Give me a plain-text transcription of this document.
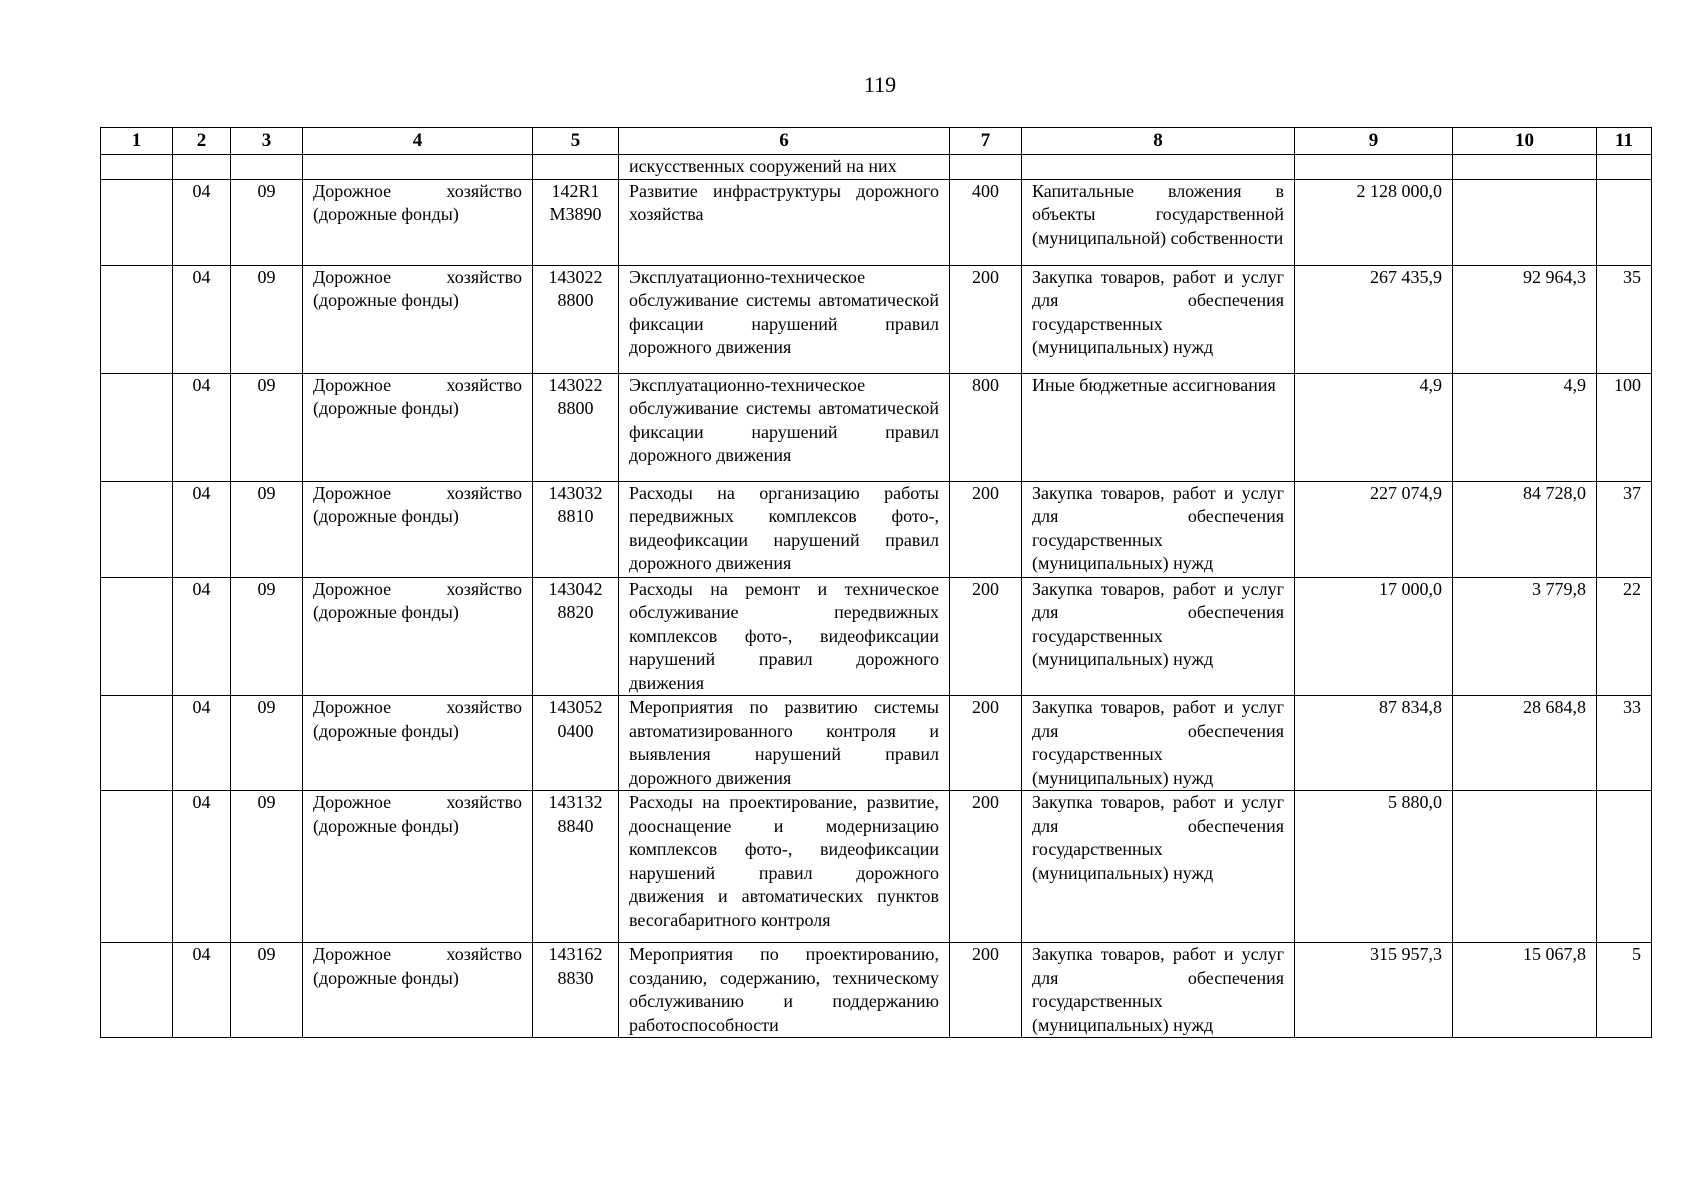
119
1	2	3	4	5	6	7	8	9	10	11
					искусственных сооружений на них					
	04	09	Дорожное хозяйство (дорожные фонды)	142R1 M3890	Развитие инфраструктуры дорожного хозяйства	400	Капитальные вложения в объекты государственной (муниципальной) собственности	2 128 000,0		
	04	09	Дорожное хозяйство (дорожные фонды)	143022 8800	Эксплуатационно-техническое обслуживание системы автоматической фиксации нарушений правил дорожного движения	200	Закупка товаров, работ и услуг для обеспечения государственных (муниципальных) нужд	267 435,9	92 964,3	35
	04	09	Дорожное хозяйство (дорожные фонды)	143022 8800	Эксплуатационно-техническое обслуживание системы автоматической фиксации нарушений правил дорожного движения	800	Иные бюджетные ассигнования	4,9	4,9	100
	04	09	Дорожное хозяйство (дорожные фонды)	143032 8810	Расходы на организацию работы передвижных комплексов фото-, видеофиксации нарушений правил дорожного движения	200	Закупка товаров, работ и услуг для обеспечения государственных (муниципальных) нужд	227 074,9	84 728,0	37
	04	09	Дорожное хозяйство (дорожные фонды)	143042 8820	Расходы на ремонт и техническое обслуживание передвижных комплексов фото-, видеофиксации нарушений правил дорожного движения	200	Закупка товаров, работ и услуг для обеспечения государственных (муниципальных) нужд	17 000,0	3 779,8	22
	04	09	Дорожное хозяйство (дорожные фонды)	143052 0400	Мероприятия по развитию системы автоматизированного контроля и выявления нарушений правил дорожного движения	200	Закупка товаров, работ и услуг для обеспечения государственных (муниципальных) нужд	87 834,8	28 684,8	33
	04	09	Дорожное хозяйство (дорожные фонды)	143132 8840	Расходы на проектирование, развитие, дооснащение и модернизацию комплексов фото-, видеофиксации нарушений правил дорожного движения и автоматических пунктов весогабаритного контроля	200	Закупка товаров, работ и услуг для обеспечения государственных (муниципальных) нужд	5 880,0		
	04	09	Дорожное хозяйство (дорожные фонды)	143162 8830	Мероприятия по проектированию, созданию, содержанию, техническому обслуживанию и поддержанию работоспособности	200	Закупка товаров, работ и услуг для обеспечения государственных (муниципальных) нужд	315 957,3	15 067,8	5
